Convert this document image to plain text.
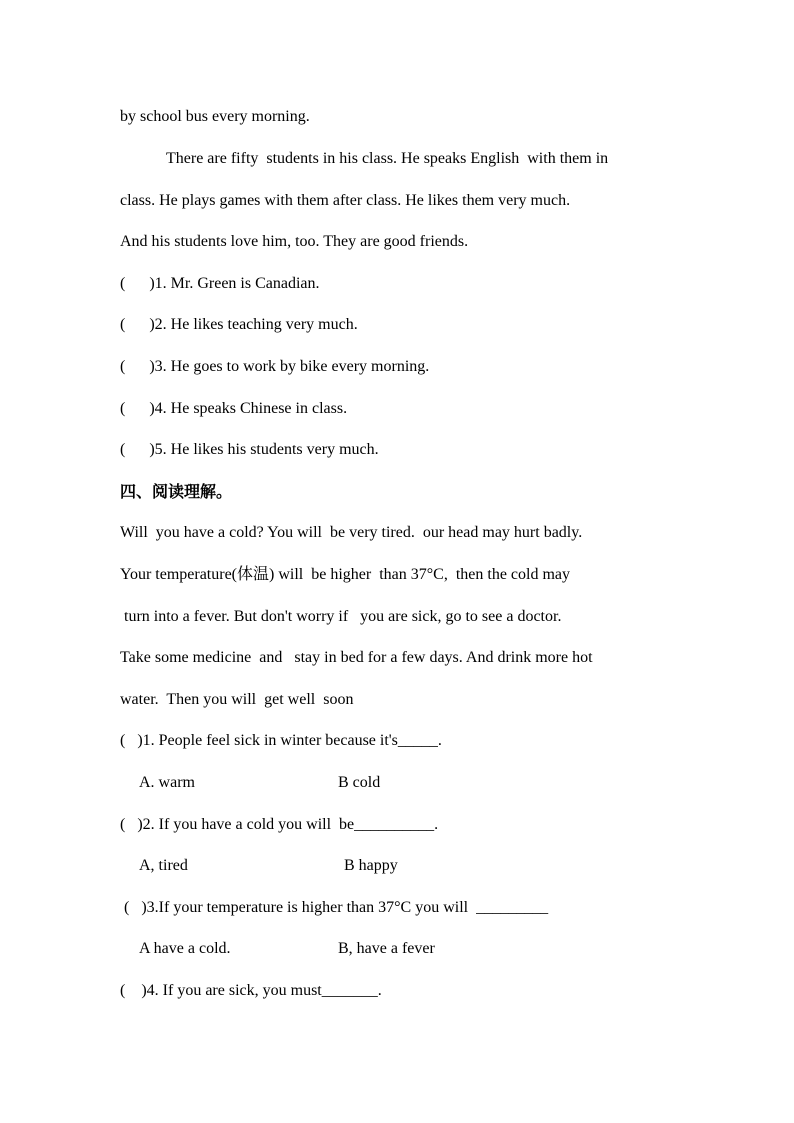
by school bus every morning.
There are fifty  students in his class. He speaks English  with them in
class. He plays games with them after class. He likes them very much.
And his students love him, too. They are good friends.
(      )1. Mr. Green is Canadian.
(      )2. He likes teaching very much.
(      )3. He goes to work by bike every morning.
(      )4. He speaks Chinese in class.
(      )5. He likes his students very much.
四、阅读理解。
Will  you have a cold? You will  be very tired.  our head may hurt badly.
Your temperature(体温) will  be higher  than 37°C,  then the cold may
turn into a fever. But don't worry if   you are sick, go to see a doctor.
Take some medicine  and   stay in bed for a few days. And drink more hot
water.  Then you will  get well  soon
(   )1. People feel sick in winter because it's_____.
A. warm	B cold
(   )2. If you have a cold you will  be__________.
A, tired	B happy
(   )3.If your temperature is higher than 37°C you will  _________
A have a cold.	B, have a fever
(    )4. If you are sick, you must_______.
